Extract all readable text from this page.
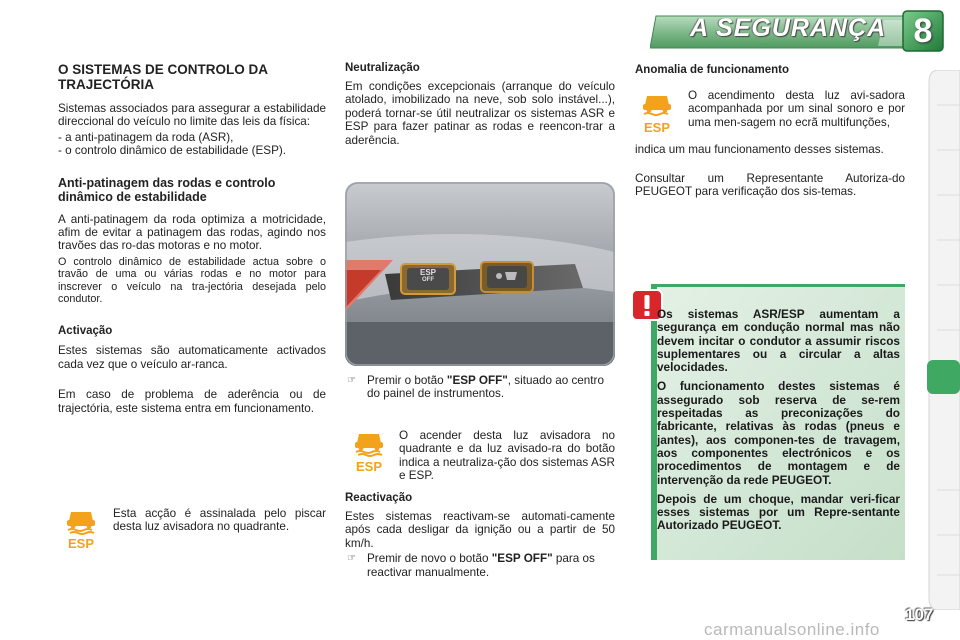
A SEGURANÇA 8

O SISTEMAS DE CONTROLO DA TRAJECTÓRIA

Sistemas associados para assegurar a estabilidade direccional do veículo no limite das leis da física:

- a anti-patinagem da roda (ASR),

- o controlo dinâmico de estabilidade (ESP).

Anti-patinagem das rodas e controlo dinâmico de estabilidade

A anti-patinagem da roda optimiza a motricidade, afim de evitar a patinagem das rodas, agindo nos travões das ro-das motoras e no motor.

O controlo dinâmico de estabilidade actua sobre o travão de uma ou várias rodas e no motor para inscrever o veículo na tra-jectória desejada pelo condutor.

Activação

Estes sistemas são automaticamente activados cada vez que o veículo ar-ranca.

Em caso de problema de aderência ou de trajectória, este sistema entra em funcionamento.

ESP

Esta acção é assinalada pelo piscar desta luz avisadora no quadrante.

Neutralização

Em condições excepcionais (arranque do veículo atolado, imobilizado na neve, sob solo instável...), poderá tornar-se útil neutralizar os sistemas ASR e ESP para fazer patinar as rodas e reencon-trar a aderência.

ESP
OFF

☞ Premir o botão "ESP OFF", situado ao centro do painel de instrumentos.

ESP

O acender desta luz avisadora no quadrante e da luz avisado-ra do botão indica a neutraliza-ção dos sistemas ASR e ESP.

Reactivação

Estes sistemas reactivam-se automati-camente após cada desligar da ignição ou a partir de 50 km/h.

☞ Premir de novo o botão "ESP OFF" para os reactivar manualmente.

Anomalia de funcionamento

ESP

O acendimento desta luz avi-sadora acompanhada por um sinal sonoro e por uma men-sagem no ecrã multifunções,

indica um mau funcionamento desses sistemas.

Consultar um Representante Autoriza-do PEUGEOT para verificação dos sis-temas.

Os sistemas ASR/ESP aumentam a segurança em condução normal mas não devem incitar o condutor a assumir riscos suplementares ou a circular a altas velocidades.

O funcionamento destes sistemas é assegurado sob reserva de se-rem respeitadas as preconizações do fabricante, relativas às rodas (pneus e jantes), aos componen-tes de travagem, aos componentes electrónicos e os procedimentos de montagem e de intervenção da rede PEUGEOT.

Depois de um choque, mandar veri-ficar esses sistemas por um Repre-sentante Autorizado PEUGEOT.

107
carmanualsonline.info
